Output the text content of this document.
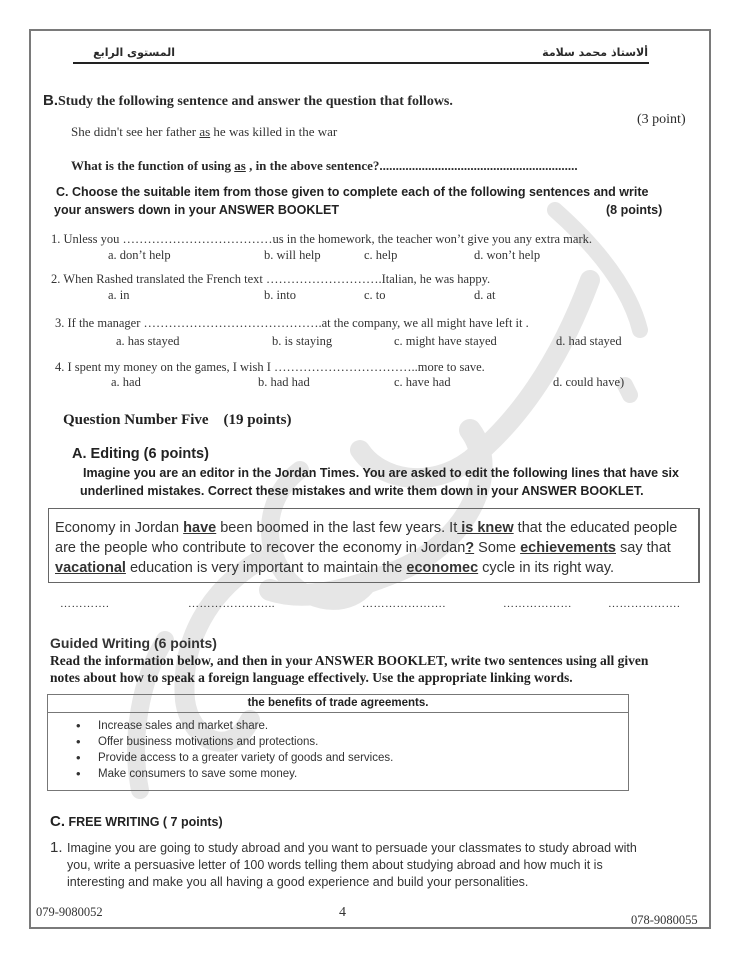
ألاستاذ محمد سلامة
المستوى الرابع
B.Study the following sentence and answer the question that follows.
(3 point)
She didn't see her father as he was killed in the war
What is the function of using as , in the above sentence?.............................................................
C. Choose the suitable item from those given to complete each of the following sentences and write
your answers down in your ANSWER BOOKLET	(8 points)
1. Unless you ………………………………us in the homework, the teacher won’t give you any extra mark.
a. don’t help	b. will help	c. help	d. won’t help
2. When Rashed translated the French text ……………………….Italian, he was happy.
a. in	b. into	c. to	d. at
3. If the manager …………………………………….at the company, we all might have left it .
a. has stayed	b. is staying	c. might have stayed	d. had stayed
4. I spent my money on the games, I wish I ……………………………..more to save.
a. had	b. had had	c. have had	d. could have)
Question Number Five    (19 points)
A. Editing (6 points)
Imagine you are an editor in the Jordan Times. You are asked to edit the following lines that have six
underlined mistakes. Correct these mistakes and write them down in your ANSWER BOOKLET.
Economy in Jordan have been boomed in the last few years. It is knew that the educated people are the people who contribute to recover the economy in Jordan? Some echievements say that vacational education is very important to maintain the economec cycle in its right way.
………….	…………………..	………………….	………………	……………….
Guided Writing (6 points)
Read the information below, and then in your ANSWER BOOKLET, write two sentences using all given
notes about how to speak a foreign language effectively. Use the appropriate linking words.
the benefits of trade agreements.
• Increase sales and market share.
• Offer business motivations and protections.
• Provide access to a greater variety of goods and services.
• Make consumers to save some money.
C. FREE WRITING ( 7 points)
1. Imagine you are going to study abroad and you want to persuade your classmates to study abroad with
you, write a persuasive letter of 100 words telling them about studying abroad and how much it is
interesting and make you all having a good experience and build your personalities.
079-9080052	4	078-9080055
